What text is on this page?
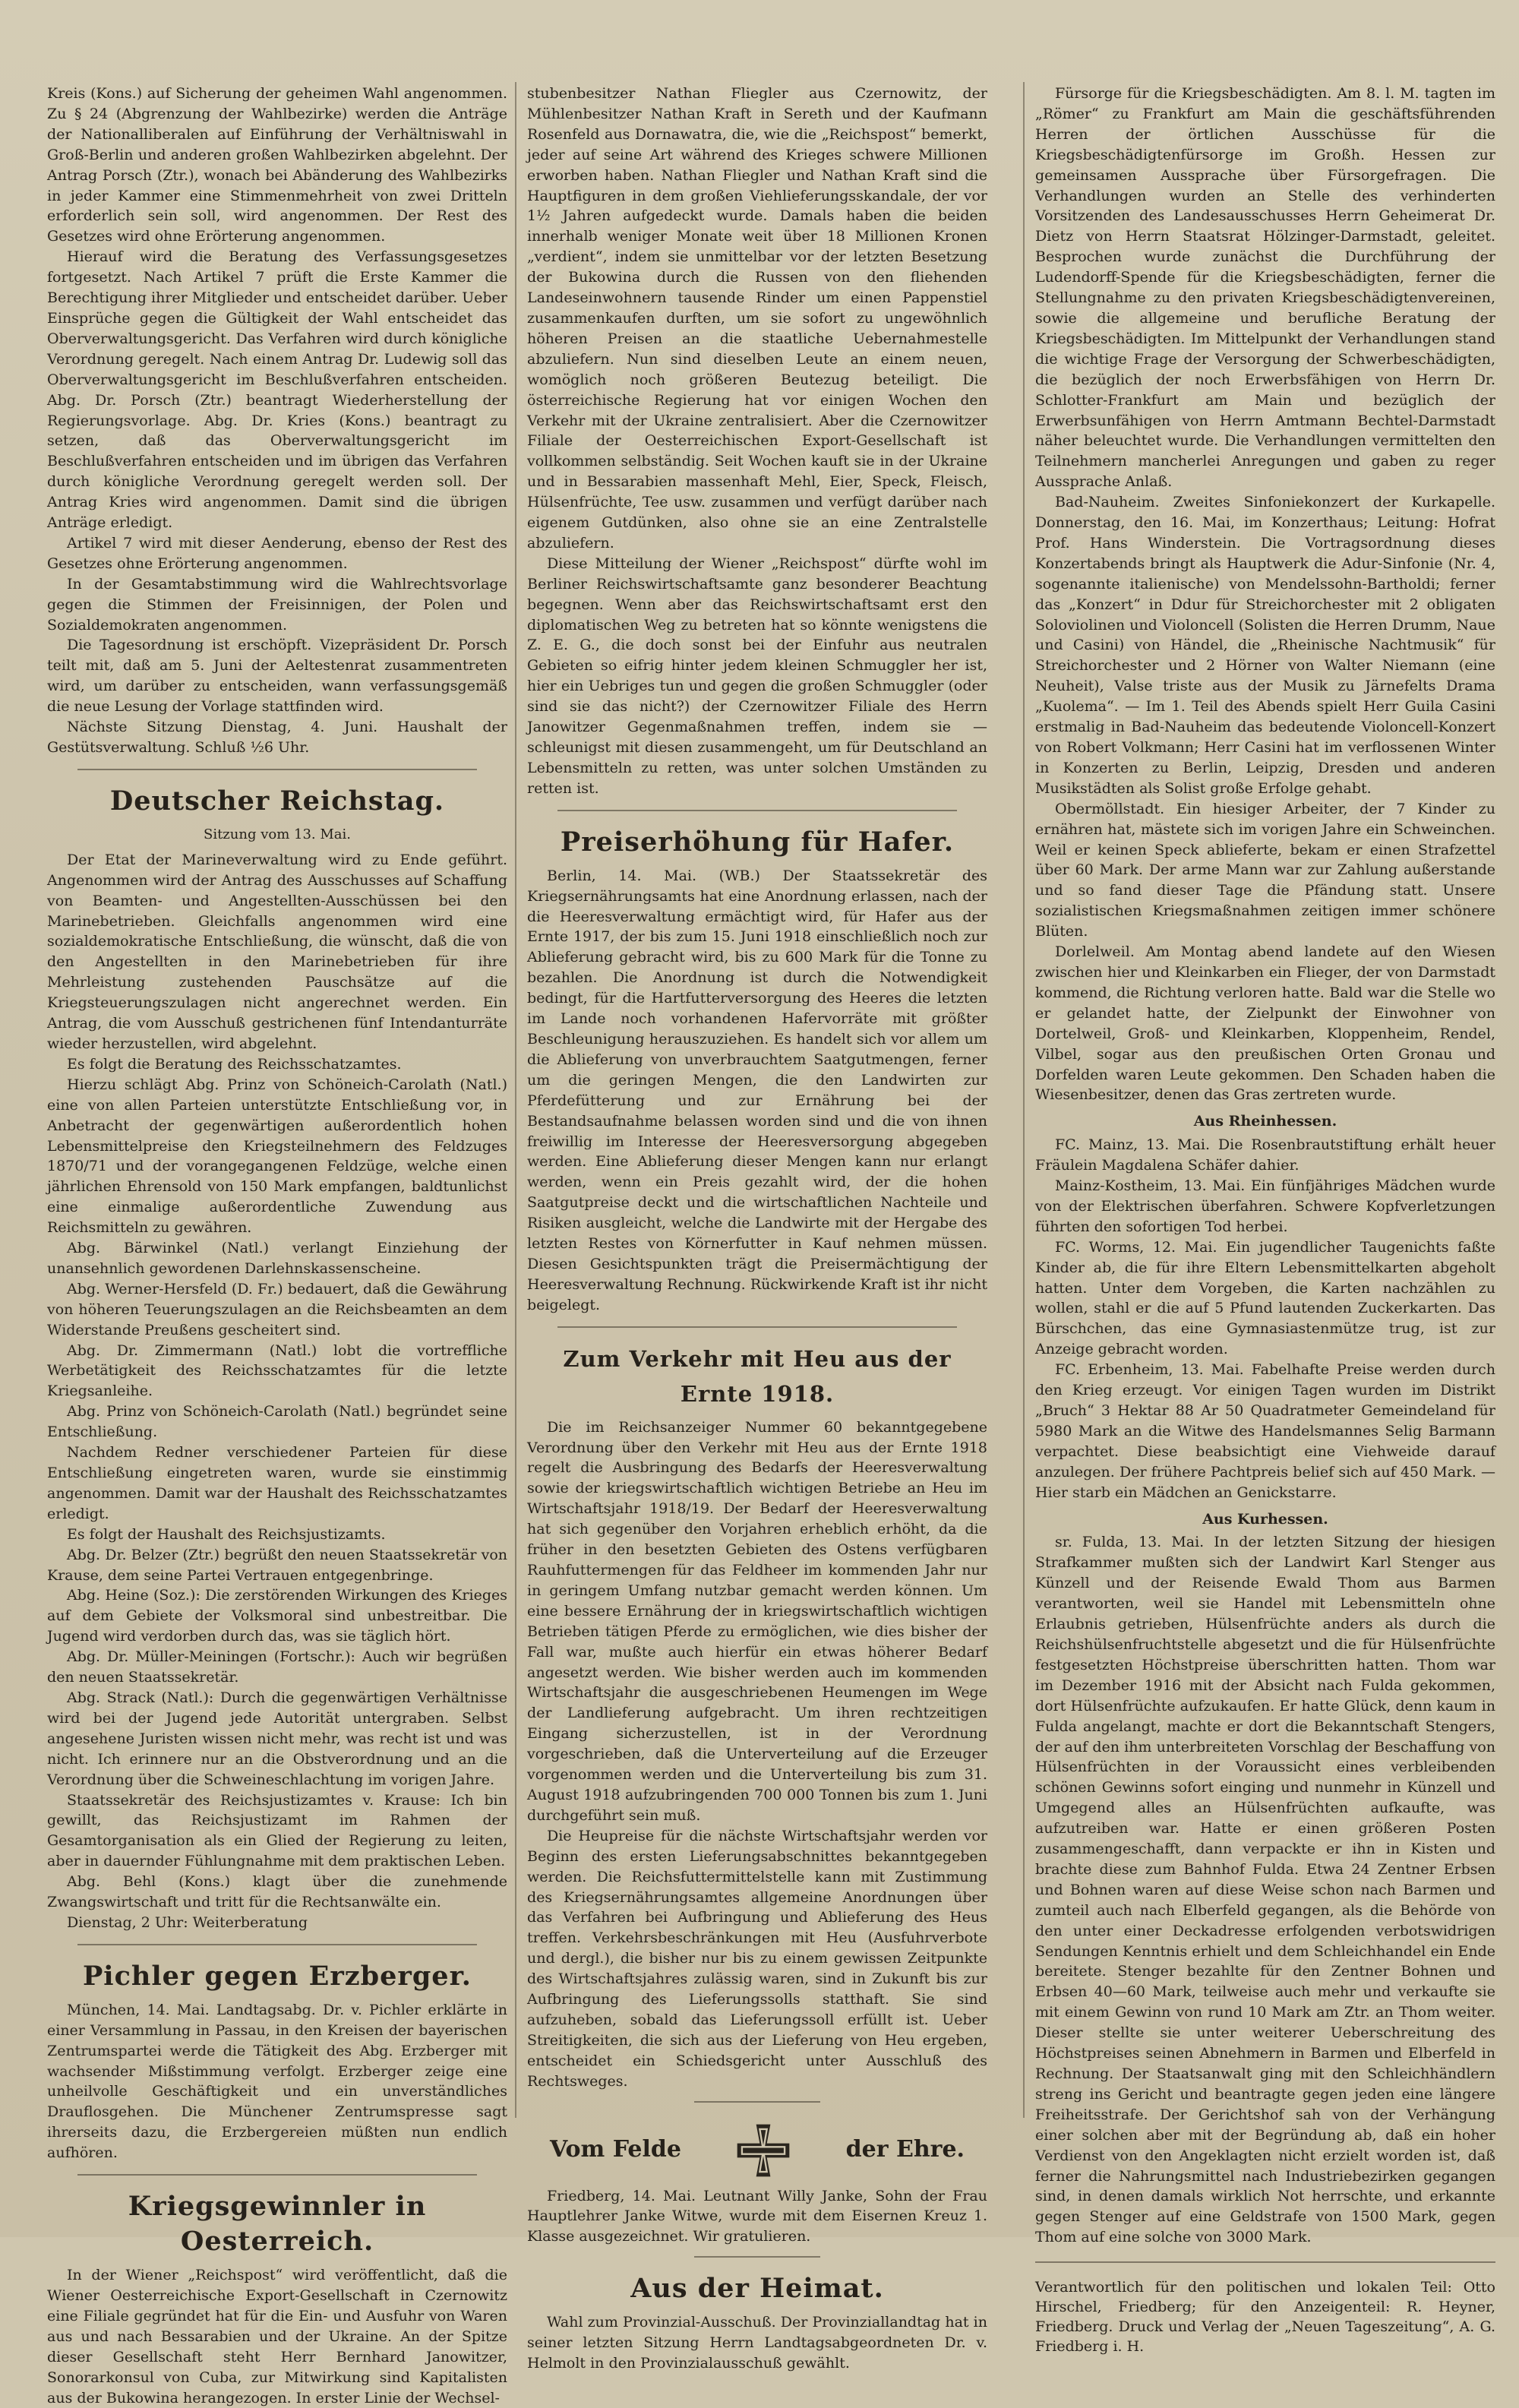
Kreis (Kons.) auf Sicherung der geheimen Wahl angenommen. Zu § 24 (Abgrenzung der Wahlbezirke) werden die Anträge der Nationalliberalen auf Einführung der Verhältniswahl in Groß-Berlin und anderen großen Wahlbezirken abgelehnt. Der Antrag Porsch (Ztr.), wonach bei Abänderung des Wahlbezirks in jeder Kammer eine Stimmenmehrheit von zwei Dritteln erforderlich sein soll, wird angenommen. Der Rest des Gesetzes wird ohne Erörterung angenommen.

Hierauf wird die Beratung des Verfassungsgesetzes fortgesetzt. Nach Artikel 7 prüft die Erste Kammer die Berechtigung ihrer Mitglieder und entscheidet darüber. Ueber Einsprüche gegen die Gültigkeit der Wahl entscheidet das Oberverwaltungsgericht. Das Verfahren wird durch königliche Verordnung geregelt. Nach einem Antrag Dr. Ludewig soll das Oberverwaltungsgericht im Beschlußverfahren entscheiden. Abg. Dr. Porsch (Ztr.) beantragt Wiederherstellung der Regierungsvorlage. Abg. Dr. Kries (Kons.) beantragt zu setzen, daß das Oberverwaltungsgericht im Beschlußverfahren entscheiden und im übrigen das Verfahren durch königliche Verordnung geregelt werden soll. Der Antrag Kries wird angenommen. Damit sind die übrigen Anträge erledigt.

Artikel 7 wird mit dieser Aenderung, ebenso der Rest des Gesetzes ohne Erörterung angenommen.

In der Gesamtabstimmung wird die Wahlrechtsvorlage gegen die Stimmen der Freisinnigen, der Polen und Sozialdemokraten angenommen.

Die Tagesordnung ist erschöpft. Vizepräsident Dr. Porsch teilt mit, daß am 5. Juni der Aeltestenrat zusammentreten wird, um darüber zu entscheiden, wann verfassungsgemäß die neue Lesung der Vorlage stattfinden wird.

Nächste Sitzung Dienstag, 4. Juni. Haushalt der Gestütsverwaltung. Schluß ½6 Uhr.

Deutscher Reichstag.
Sitzung vom 13. Mai.

Der Etat der Marineverwaltung wird zu Ende geführt. Angenommen wird der Antrag des Ausschusses auf Schaffung von Beamten- und Angestellten-Ausschüssen bei den Marinebetrieben. Gleichfalls angenommen wird eine sozialdemokratische Entschließung, die wünscht, daß die von den Angestellten in den Marinebetrieben für ihre Mehrleistung zustehenden Pauschsätze auf die Kriegsteuerungszulagen nicht angerechnet werden. Ein Antrag, die vom Ausschuß gestrichenen fünf Intendanturräte wieder herzustellen, wird abgelehnt.

Es folgt die Beratung des Reichsschatzamtes.

Hierzu schlägt Abg. Prinz von Schöneich-Carolath (Natl.) eine von allen Parteien unterstützte Entschließung vor, in Anbetracht der gegenwärtigen außerordentlich hohen Lebensmittelpreise den Kriegsteilnehmern des Feldzuges 1870/71 und der vorangegangenen Feldzüge, welche einen jährlichen Ehrensold von 150 Mark empfangen, baldtunlichst eine einmalige außerordentliche Zuwendung aus Reichsmitteln zu gewähren.

Abg. Bärwinkel (Natl.) verlangt Einziehung der unansehnlich gewordenen Darlehnskassenscheine.

Abg. Werner-Hersfeld (D. Fr.) bedauert, daß die Gewährung von höheren Teuerungszulagen an die Reichsbeamten an dem Widerstande Preußens gescheitert sind.

Abg. Dr. Zimmermann (Natl.) lobt die vortreffliche Werbetätigkeit des Reichsschatzamtes für die letzte Kriegsanleihe.

Abg. Prinz von Schöneich-Carolath (Natl.) begründet seine Entschließung.

Nachdem Redner verschiedener Parteien für diese Entschließung eingetreten waren, wurde sie einstimmig angenommen. Damit war der Haushalt des Reichsschatzamtes erledigt.

Es folgt der Haushalt des Reichsjustizamts.

Abg. Dr. Belzer (Ztr.) begrüßt den neuen Staatssekretär von Krause, dem seine Partei Vertrauen entgegenbringe.

Abg. Heine (Soz.): Die zerstörenden Wirkungen des Krieges auf dem Gebiete der Volksmoral sind unbestreitbar. Die Jugend wird verdorben durch das, was sie täglich hört.

Abg. Dr. Müller-Meiningen (Fortschr.): Auch wir begrüßen den neuen Staatssekretär.

Abg. Strack (Natl.): Durch die gegenwärtigen Verhältnisse wird bei der Jugend jede Autorität untergraben. Selbst angesehene Juristen wissen nicht mehr, was recht ist und was nicht. Ich erinnere nur an die Obstverordnung und an die Verordnung über die Schweineschlachtung im vorigen Jahre.

Staatssekretär des Reichsjustizamtes v. Krause: Ich bin gewillt, das Reichsjustizamt im Rahmen der Gesamtorganisation als ein Glied der Regierung zu leiten, aber in dauernder Fühlungnahme mit dem praktischen Leben.

Abg. Behl (Kons.) klagt über die zunehmende Zwangswirtschaft und tritt für die Rechtsanwälte ein.

Dienstag, 2 Uhr: Weiterberatung

Pichler gegen Erzberger.

München, 14. Mai. Landtagsabg. Dr. v. Pichler erklärte in einer Versammlung in Passau, in den Kreisen der bayerischen Zentrumspartei werde die Tätigkeit des Abg. Erzberger mit wachsender Mißstimmung verfolgt. Erzberger zeige eine unheilvolle Geschäftigkeit und ein unverständliches Drauflosgehen. Die Münchener Zentrumspresse sagt ihrerseits dazu, die Erzbergereien müßten nun endlich aufhören.

Kriegsgewinnler in Oesterreich.

In der Wiener „Reichspost“ wird veröffentlicht, daß die Wiener Oesterreichische Export-Gesellschaft in Czernowitz eine Filiale gegründet hat für die Ein- und Ausfuhr von Waren aus und nach Bessarabien und der Ukraine. An der Spitze dieser Gesellschaft steht Herr Bernhard Janowitzer, Sonorarkonsul von Cuba, zur Mitwirkung sind Kapitalisten aus der Bukowina herangezogen. In erster Linie der Wechsel-

stubenbesitzer Nathan Fliegler aus Czernowitz, der Mühlenbesitzer Nathan Kraft in Sereth und der Kaufmann Rosenfeld aus Dornawatra, die, wie die „Reichspost“ bemerkt, jeder auf seine Art während des Krieges schwere Millionen erworben haben. Nathan Fliegler und Nathan Kraft sind die Hauptfiguren in dem großen Viehlieferungsskandale, der vor 1½ Jahren aufgedeckt wurde. Damals haben die beiden innerhalb weniger Monate weit über 18 Millionen Kronen „verdient“, indem sie unmittelbar vor der letzten Besetzung der Bukowina durch die Russen von den fliehenden Landeseinwohnern tausende Rinder um einen Pappenstiel zusammenkaufen durften, um sie sofort zu ungewöhnlich höheren Preisen an die staatliche Uebernahmestelle abzuliefern. Nun sind dieselben Leute an einem neuen, womöglich noch größeren Beutezug beteiligt. Die österreichische Regierung hat vor einigen Wochen den Verkehr mit der Ukraine zentralisiert. Aber die Czernowitzer Filiale der Oesterreichischen Export-Gesellschaft ist vollkommen selbständig. Seit Wochen kauft sie in der Ukraine und in Bessarabien massenhaft Mehl, Eier, Speck, Fleisch, Hülsenfrüchte, Tee usw. zusammen und verfügt darüber nach eigenem Gutdünken, also ohne sie an eine Zentralstelle abzuliefern.

Diese Mitteilung der Wiener „Reichspost“ dürfte wohl im Berliner Reichswirtschaftsamte ganz besonderer Beachtung begegnen. Wenn aber das Reichswirtschaftsamt erst den diplomatischen Weg zu betreten hat so könnte wenigstens die Z. E. G., die doch sonst bei der Einfuhr aus neutralen Gebieten so eifrig hinter jedem kleinen Schmuggler her ist, hier ein Uebriges tun und gegen die großen Schmuggler (oder sind sie das nicht?) der Czernowitzer Filiale des Herrn Janowitzer Gegenmaßnahmen treffen, indem sie — schleunigst mit diesen zusammengeht, um für Deutschland an Lebensmitteln zu retten, was unter solchen Umständen zu retten ist.

Preiserhöhung für Hafer.

Berlin, 14. Mai. (WB.) Der Staatssekretär des Kriegsernährungsamts hat eine Anordnung erlassen, nach der die Heeresverwaltung ermächtigt wird, für Hafer aus der Ernte 1917, der bis zum 15. Juni 1918 einschließlich noch zur Ablieferung gebracht wird, bis zu 600 Mark für die Tonne zu bezahlen. Die Anordnung ist durch die Notwendigkeit bedingt, für die Hartfutterversorgung des Heeres die letzten im Lande noch vorhandenen Hafervorräte mit größter Beschleunigung herauszuziehen. Es handelt sich vor allem um die Ablieferung von unverbrauchtem Saatgutmengen, ferner um die geringen Mengen, die den Landwirten zur Pferdefütterung und zur Ernährung bei der Bestandsaufnahme belassen worden sind und die von ihnen freiwillig im Interesse der Heeresversorgung abgegeben werden. Eine Ablieferung dieser Mengen kann nur erlangt werden, wenn ein Preis gezahlt wird, der die hohen Saatgutpreise deckt und die wirtschaftlichen Nachteile und Risiken ausgleicht, welche die Landwirte mit der Hergabe des letzten Restes von Körnerfutter in Kauf nehmen müssen. Diesen Gesichtspunkten trägt die Preisermächtigung der Heeresverwaltung Rechnung. Rückwirkende Kraft ist ihr nicht beigelegt.

Zum Verkehr mit Heu aus der Ernte 1918.

Die im Reichsanzeiger Nummer 60 bekanntgegebene Verordnung über den Verkehr mit Heu aus der Ernte 1918 regelt die Ausbringung des Bedarfs der Heeresverwaltung sowie der kriegswirtschaftlich wichtigen Betriebe an Heu im Wirtschaftsjahr 1918/19. Der Bedarf der Heeresverwaltung hat sich gegenüber den Vorjahren erheblich erhöht, da die früher in den besetzten Gebieten des Ostens verfügbaren Rauhfuttermengen für das Feldheer im kommenden Jahr nur in geringem Umfang nutzbar gemacht werden können. Um eine bessere Ernährung der in kriegswirtschaftlich wichtigen Betrieben tätigen Pferde zu ermöglichen, wie dies bisher der Fall war, mußte auch hierfür ein etwas höherer Bedarf angesetzt werden. Wie bisher werden auch im kommenden Wirtschaftsjahr die ausgeschriebenen Heumengen im Wege der Landlieferung aufgebracht. Um ihren rechtzeitigen Eingang sicherzustellen, ist in der Verordnung vorgeschrieben, daß die Unterverteilung auf die Erzeuger vorgenommen werden und die Unterverteilung bis zum 31. August 1918 aufzubringenden 700 000 Tonnen bis zum 1. Juni durchgeführt sein muß.

Die Heupreise für die nächste Wirtschaftsjahr werden vor Beginn des ersten Lieferungsabschnittes bekanntgegeben werden. Die Reichsfuttermittelstelle kann mit Zustimmung des Kriegsernährungsamtes allgemeine Anordnungen über das Verfahren bei Aufbringung und Ablieferung des Heus treffen. Verkehrsbeschränkungen mit Heu (Ausfuhrverbote und dergl.), die bisher nur bis zu einem gewissen Zeitpunkte des Wirtschaftsjahres zulässig waren, sind in Zukunft bis zur Aufbringung des Lieferungssolls statthaft. Sie sind aufzuheben, sobald das Lieferungssoll erfüllt ist. Ueber Streitigkeiten, die sich aus der Lieferung von Heu ergeben, entscheidet ein Schiedsgericht unter Ausschluß des Rechtsweges.

Vom Felde	der Ehre.

Friedberg, 14. Mai. Leutnant Willy Janke, Sohn der Frau Hauptlehrer Janke Witwe, wurde mit dem Eisernen Kreuz 1. Klasse ausgezeichnet. Wir gratulieren.

Aus der Heimat.

Wahl zum Provinzial-Ausschuß. Der Provinziallandtag hat in seiner letzten Sitzung Herrn Landtagsabgeordneten Dr. v. Helmolt in den Provinzialausschuß gewählt.

Fürsorge für die Kriegsbeschädigten. Am 8. l. M. tagten im „Römer“ zu Frankfurt am Main die geschäftsführenden Herren der örtlichen Ausschüsse für die Kriegsbeschädigtenfürsorge im Großh. Hessen zur gemeinsamen Aussprache über Fürsorgefragen. Die Verhandlungen wurden an Stelle des verhinderten Vorsitzenden des Landesausschusses Herrn Geheimerat Dr. Dietz von Herrn Staatsrat Hölzinger-Darmstadt, geleitet. Besprochen wurde zunächst die Durchführung der Ludendorff-Spende für die Kriegsbeschädigten, ferner die Stellungnahme zu den privaten Kriegsbeschädigtenvereinen, sowie die allgemeine und berufliche Beratung der Kriegsbeschädigten. Im Mittelpunkt der Verhandlungen stand die wichtige Frage der Versorgung der Schwerbeschädigten, die bezüglich der noch Erwerbsfähigen von Herrn Dr. Schlotter-Frankfurt am Main und bezüglich der Erwerbsunfähigen von Herrn Amtmann Bechtel-Darmstadt näher beleuchtet wurde. Die Verhandlungen vermittelten den Teilnehmern mancherlei Anregungen und gaben zu reger Aussprache Anlaß.

Bad-Nauheim. Zweites Sinfoniekonzert der Kurkapelle. Donnerstag, den 16. Mai, im Konzerthaus; Leitung: Hofrat Prof. Hans Winderstein. Die Vortragsordnung dieses Konzertabends bringt als Hauptwerk die Adur-Sinfonie (Nr. 4, sogenannte italienische) von Mendelssohn-Bartholdi; ferner das „Konzert“ in Ddur für Streichorchester mit 2 obligaten Soloviolinen und Violoncell (Solisten die Herren Drumm, Naue und Casini) von Händel, die „Rheinische Nachtmusik“ für Streichorchester und 2 Hörner von Walter Niemann (eine Neuheit), Valse triste aus der Musik zu Järnefelts Drama „Kuolema“. — Im 1. Teil des Abends spielt Herr Guila Casini erstmalig in Bad-Nauheim das bedeutende Violoncell-Konzert von Robert Volkmann; Herr Casini hat im verflossenen Winter in Konzerten zu Berlin, Leipzig, Dresden und anderen Musikstädten als Solist große Erfolge gehabt.

Obermöllstadt. Ein hiesiger Arbeiter, der 7 Kinder zu ernähren hat, mästete sich im vorigen Jahre ein Schweinchen. Weil er keinen Speck ablieferte, bekam er einen Strafzettel über 60 Mark. Der arme Mann war zur Zahlung außerstande und so fand dieser Tage die Pfändung statt. Unsere sozialistischen Kriegsmaßnahmen zeitigen immer schönere Blüten.

Dorlelweil. Am Montag abend landete auf den Wiesen zwischen hier und Kleinkarben ein Flieger, der von Darmstadt kommend, die Richtung verloren hatte. Bald war die Stelle wo er gelandet hatte, der Zielpunkt der Einwohner von Dortelweil, Groß- und Kleinkarben, Kloppenheim, Rendel, Vilbel, sogar aus den preußischen Orten Gronau und Dorfelden waren Leute gekommen. Den Schaden haben die Wiesenbesitzer, denen das Gras zertreten wurde.

Aus Rheinhessen.

FC. Mainz, 13. Mai. Die Rosenbrautstiftung erhält heuer Fräulein Magdalena Schäfer dahier.

Mainz-Kostheim, 13. Mai. Ein fünfjähriges Mädchen wurde von der Elektrischen überfahren. Schwere Kopfverletzungen führten den sofortigen Tod herbei.

FC. Worms, 12. Mai. Ein jugendlicher Taugenichts faßte Kinder ab, die für ihre Eltern Lebensmittelkarten abgeholt hatten. Unter dem Vorgeben, die Karten nachzählen zu wollen, stahl er die auf 5 Pfund lautenden Zuckerkarten. Das Bürschchen, das eine Gymnasiastenmütze trug, ist zur Anzeige gebracht worden.

FC. Erbenheim, 13. Mai. Fabelhafte Preise werden durch den Krieg erzeugt. Vor einigen Tagen wurden im Distrikt „Bruch“ 3 Hektar 88 Ar 50 Quadratmeter Gemeindeland für 5980 Mark an die Witwe des Handelsmannes Selig Barmann verpachtet. Diese beabsichtigt eine Viehweide darauf anzulegen. Der frühere Pachtpreis belief sich auf 450 Mark. — Hier starb ein Mädchen an Genickstarre.

Aus Kurhessen.

sr. Fulda, 13. Mai. In der letzten Sitzung der hiesigen Strafkammer mußten sich der Landwirt Karl Stenger aus Künzell und der Reisende Ewald Thom aus Barmen verantworten, weil sie Handel mit Lebensmitteln ohne Erlaubnis getrieben, Hülsenfrüchte anders als durch die Reichshülsenfruchtstelle abgesetzt und die für Hülsenfrüchte festgesetzten Höchstpreise überschritten hatten. Thom war im Dezember 1916 mit der Absicht nach Fulda gekommen, dort Hülsenfrüchte aufzukaufen. Er hatte Glück, denn kaum in Fulda angelangt, machte er dort die Bekanntschaft Stengers, der auf den ihm unterbreiteten Vorschlag der Beschaffung von Hülsenfrüchten in der Voraussicht eines verbleibenden schönen Gewinns sofort einging und nunmehr in Künzell und Umgegend alles an Hülsenfrüchten aufkaufte, was aufzutreiben war. Hatte er einen größeren Posten zusammengeschafft, dann verpackte er ihn in Kisten und brachte diese zum Bahnhof Fulda. Etwa 24 Zentner Erbsen und Bohnen waren auf diese Weise schon nach Barmen und zumteil auch nach Elberfeld gegangen, als die Behörde von den unter einer Deckadresse erfolgenden verbotswidrigen Sendungen Kenntnis erhielt und dem Schleichhandel ein Ende bereitete. Stenger bezahlte für den Zentner Bohnen und Erbsen 40—60 Mark, teilweise auch mehr und verkaufte sie mit einem Gewinn von rund 10 Mark am Ztr. an Thom weiter. Dieser stellte sie unter weiterer Ueberschreitung des Höchstpreises seinen Abnehmern in Barmen und Elberfeld in Rechnung. Der Staatsanwalt ging mit den Schleichhändlern streng ins Gericht und beantragte gegen jeden eine längere Freiheitsstrafe. Der Gerichtshof sah von der Verhängung einer solchen aber mit der Begründung ab, daß ein hoher Verdienst von den Angeklagten nicht erzielt worden ist, daß ferner die Nahrungsmittel nach Industriebezirken gegangen sind, in denen damals wirklich Not herrschte, und erkannte gegen Stenger auf eine Geldstrafe von 1500 Mark, gegen Thom auf eine solche von 3000 Mark.

Verantwortlich für den politischen und lokalen Teil: Otto Hirschel, Friedberg; für den Anzeigenteil: R. Heyner, Friedberg. Druck und Verlag der „Neuen Tageszeitung“, A. G. Friedberg i. H.
